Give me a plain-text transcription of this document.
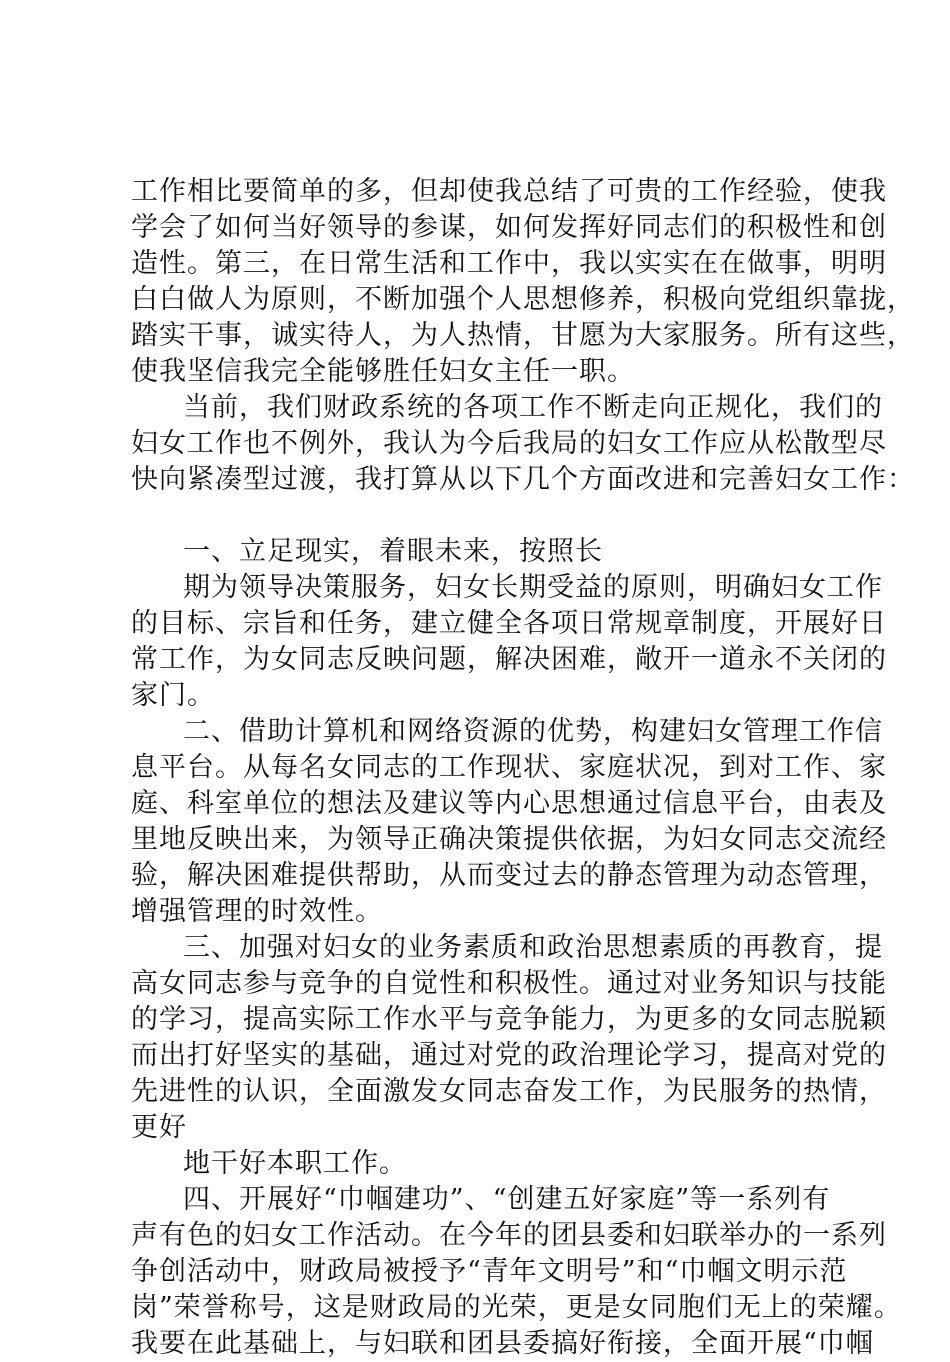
工作相比要简单的多，但却使我总结了可贵的工作经验，使我
学会了如何当好领导的参谋，如何发挥好同志们的积极性和创
造性。第三，在日常生活和工作中，我以实实在在做事，明明
白白做人为原则，不断加强个人思想修养，积极向党组织靠拢，
踏实干事，诚实待人，为人热情，甘愿为大家服务。所有这些，
使我坚信我完全能够胜任妇女主任一职。
当前，我们财政系统的各项工作不断走向正规化，我们的
妇女工作也不例外，我认为今后我局的妇女工作应从松散型尽
快向紧凑型过渡，我打算从以下几个方面改进和完善妇女工作：
一、立足现实，着眼未来，按照长
期为领导决策服务，妇女长期受益的原则，明确妇女工作
的目标、宗旨和任务，建立健全各项日常规章制度，开展好日
常工作，为女同志反映问题，解决困难，敞开一道永不关闭的
家门。
二、借助计算机和网络资源的优势，构建妇女管理工作信
息平台。从每名女同志的工作现状、家庭状况，到对工作、家
庭、科室单位的想法及建议等内心思想通过信息平台，由表及
里地反映出来，为领导正确决策提供依据，为妇女同志交流经
验，解决困难提供帮助，从而变过去的静态管理为动态管理，
增强管理的时效性。
三、加强对妇女的业务素质和政治思想素质的再教育，提
高女同志参与竞争的自觉性和积极性。通过对业务知识与技能
的学习，提高实际工作水平与竞争能力，为更多的女同志脱颖
而出打好坚实的基础，通过对党的政治理论学习，提高对党的
先进性的认识，全面激发女同志奋发工作，为民服务的热情，
更好
地干好本职工作。
四、开展好“巾帼建功”、“创建五好家庭”等一系列有
声有色的妇女工作活动。在今年的团县委和妇联举办的一系列
争创活动中，财政局被授予“青年文明号”和“巾帼文明示范
岗”荣誉称号，这是财政局的光荣，更是女同胞们无上的荣耀。
我要在此基础上，与妇联和团县委搞好衔接，全面开展“巾帼
